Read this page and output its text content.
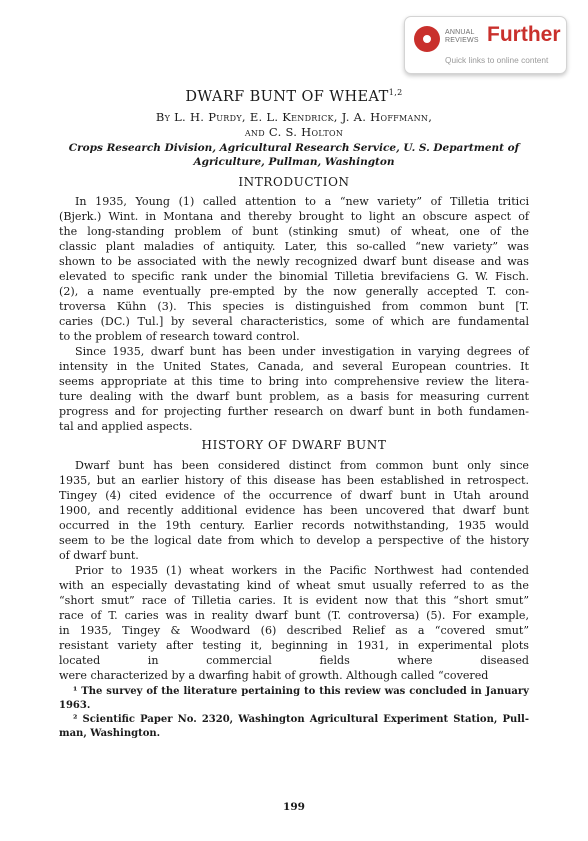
ANNUAL
REVIEWS Further
Quick links to online content
DWARF BUNT OF WHEAT$^{1,2}$
By L. H. Purdy, E. L. Kendrick, J. A. Hoffmann,
and C. S. Holton
Crops Research Division, Agricultural Research Service, U. S. Department of
Agriculture, Pullman, Washington
INTRODUCTION
In 1935, Young (1) called attention to a “new variety” of Tilletia tritici
(Bjerk.) Wint. in Montana and thereby brought to light an obscure aspect of
the long-standing problem of bunt (stinking smut) of wheat, one of the
classic plant maladies of antiquity. Later, this so-called “new variety” was
shown to be associated with the newly recognized dwarf bunt disease and was
elevated to specific rank under the binomial Tilletia brevifaciens G. W. Fisch.
(2), a name eventually pre-empted by the now generally accepted T. con-
troversa Kühn (3). This species is distinguished from common bunt [T.
caries (DC.) Tul.] by several characteristics, some of which are fundamental
to the problem of research toward control.
Since 1935, dwarf bunt has been under investigation in varying degrees of
intensity in the United States, Canada, and several European countries. It
seems appropriate at this time to bring into comprehensive review the litera-
ture dealing with the dwarf bunt problem, as a basis for measuring current
progress and for projecting further research on dwarf bunt in both fundamen-
tal and applied aspects.
HISTORY OF DWARF BUNT
Dwarf bunt has been considered distinct from common bunt only since
1935, but an earlier history of this disease has been established in retrospect.
Tingey (4) cited evidence of the occurrence of dwarf bunt in Utah around
1900, and recently additional evidence has been uncovered that dwarf bunt
occurred in the 19th century. Earlier records notwithstanding, 1935 would
seem to be the logical date from which to develop a perspective of the history
of dwarf bunt.
Prior to 1935 (1) wheat workers in the Pacific Northwest had contended
with an especially devastating kind of wheat smut usually referred to as the
“short smut” race of Tilletia caries. It is evident now that this “short smut”
race of T. caries was in reality dwarf bunt (T. controversa) (5). For example,
in 1935, Tingey & Woodward (6) described Relief as a “covered smut”
resistant variety after testing it, beginning in 1931, in experimental plots
located in commercial fields where diseased
were characterized by a dwarfing habit of growth. Although called “covered
¹ The survey of the literature pertaining to this review was concluded in January
1963.
² Scientific Paper No. 2320, Washington Agricultural Experiment Station, Pull-
man, Washington.
199
